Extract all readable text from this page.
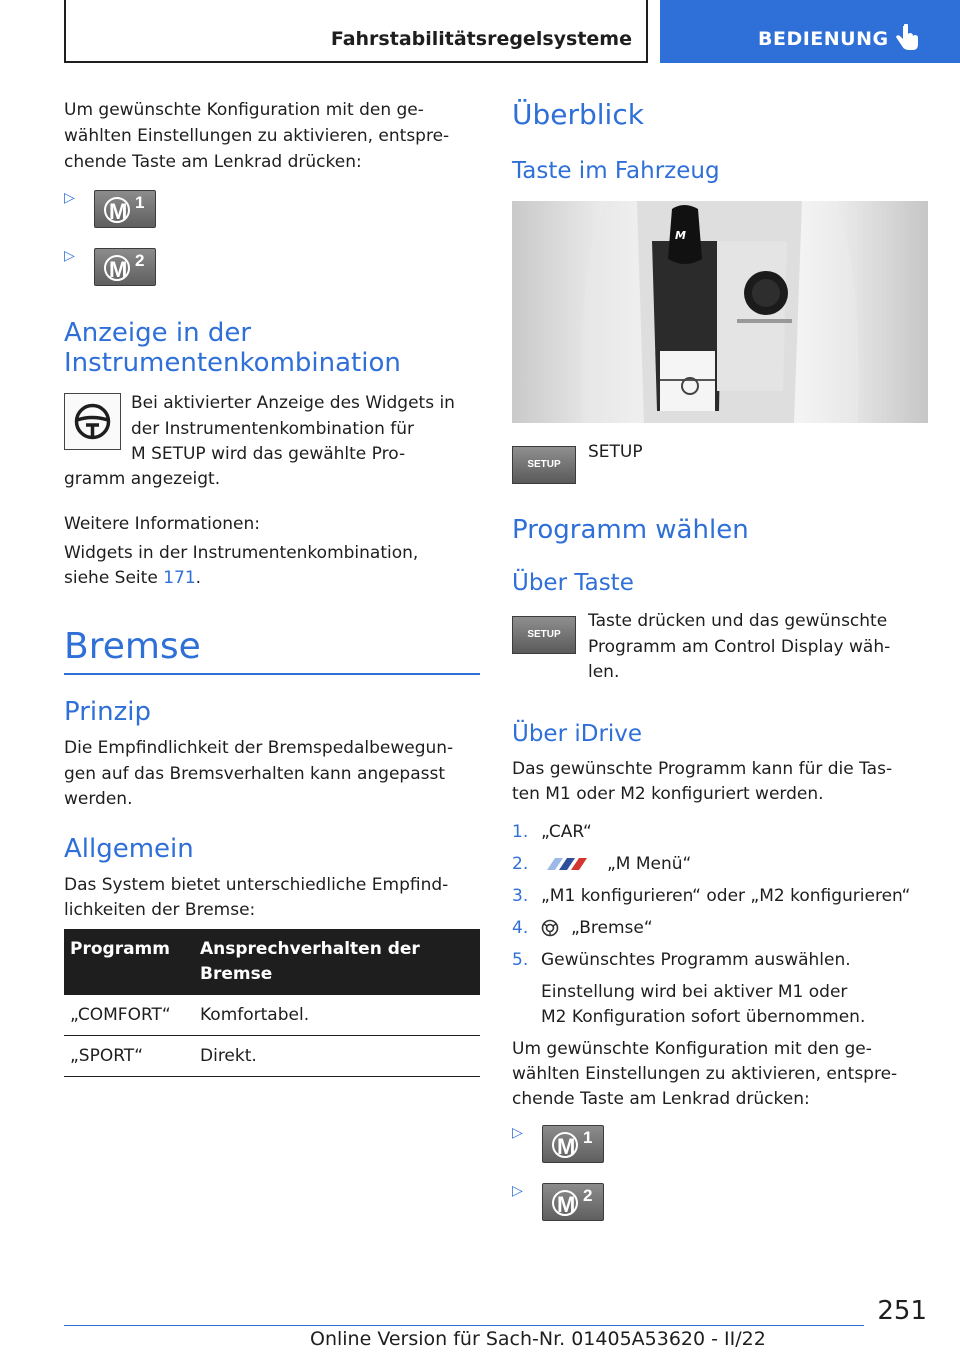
Fahrstabilitätsregelsysteme	BEDIENUNG

Um gewünschte Konfiguration mit den ge-

wählten Einstellungen zu aktivieren, entspre-

chende Taste am Lenkrad drücken:

▷
M 1
▷
M 2
Anzeige in der
Instrumentenkombination

Bei aktivierter Anzeige des Widgets in

der Instrumentenkombination für

M SETUP wird das gewählte Pro-

gramm angezeigt.

Weitere Informationen:

Widgets in der Instrumentenkombination,

siehe Seite 171.

Bremse
Prinzip

Die Empfindlichkeit der Bremspedalbewegun-

gen auf das Bremsverhalten kann angepasst

werden.

Allgemein

Das System bietet unterschiedliche Empfind-

lichkeiten der Bremse:

Programm	Ansprechverhalten der
Bremse
„COMFORT“	Komfortabel.
„SPORT“	Direkt.
Überblick
Taste im Fahrzeug
M
SETUP

SETUP

Programm wählen
Über Taste
SETUP

Taste drücken und das gewünschte

Programm am Control Display wäh-

len.

Über iDrive

Das gewünschte Programm kann für die Tas-

ten M1 oder M2 konfiguriert werden.

1. „CAR“
2.	„M Menü“
3. „M1 konfigurieren“ oder „M2 konfigurieren“
4.	„Bremse“
5. Gewünschtes Programm auswählen.

Einstellung wird bei aktiver M1 oder

M2 Konfiguration sofort übernommen.

Um gewünschte Konfiguration mit den ge-

wählten Einstellungen zu aktivieren, entspre-

chende Taste am Lenkrad drücken:

▷
M 1
▷
M 2
251
Online Version für Sach-Nr. 01405A53620 - II/22
